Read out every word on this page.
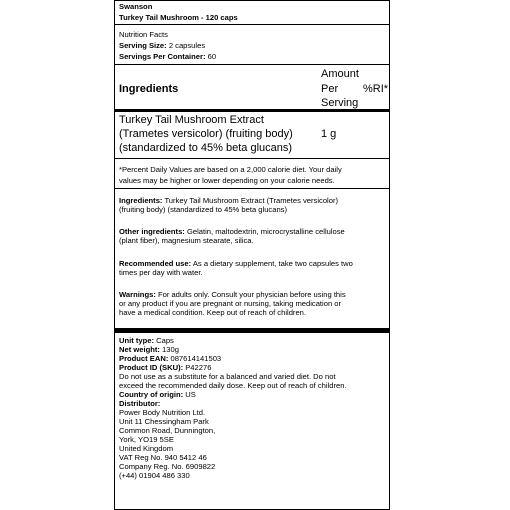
Swanson
Turkey Tail Mushroom - 120 caps
Nutrition Facts
Serving Size: 2 capsules
Servings Per Container: 60
Ingredients
Amount
Per
Serving
%RI*
Turkey Tail Mushroom Extract
(Trametes versicolor) (fruiting body)
(standardized to 45% beta glucans)
1 g
*Percent Daily Values are based on a 2,000 calorie diet. Your daily
values may be higher or lower depending on your calorie needs.
Ingredients: Turkey Tail Mushroom Extract (Trametes versicolor)
(fruiting body) (standardized to 45% beta glucans)
Other ingredients: Gelatin, maltodextrin, microcrystalline cellulose
(plant fiber), magnesium stearate, silica.
Recommended use: As a dietary supplement, take two capsules two
times per day with water.
Warnings: For adults only. Consult your physician before using this
or any product if you are pregnant or nursing, taking medication or
have a medical condition. Keep out of reach of children.
Unit type: Caps
Net weight: 130g
Product EAN: 087614141503
Product ID (SKU): P42276
Do not use as a substitute for a balanced and varied diet. Do not
exceed the recommended daily dose. Keep out of reach of children.
Country of origin: US
Distributor:
Power Body Nutrition Ltd.
Unit 11 Chessingham Park
Common Road, Dunnington,
York, YO19 5SE
United Kingdom
VAT Reg No. 940 5412 46
Company Reg. No. 6909822
(+44) 01904 486 330
